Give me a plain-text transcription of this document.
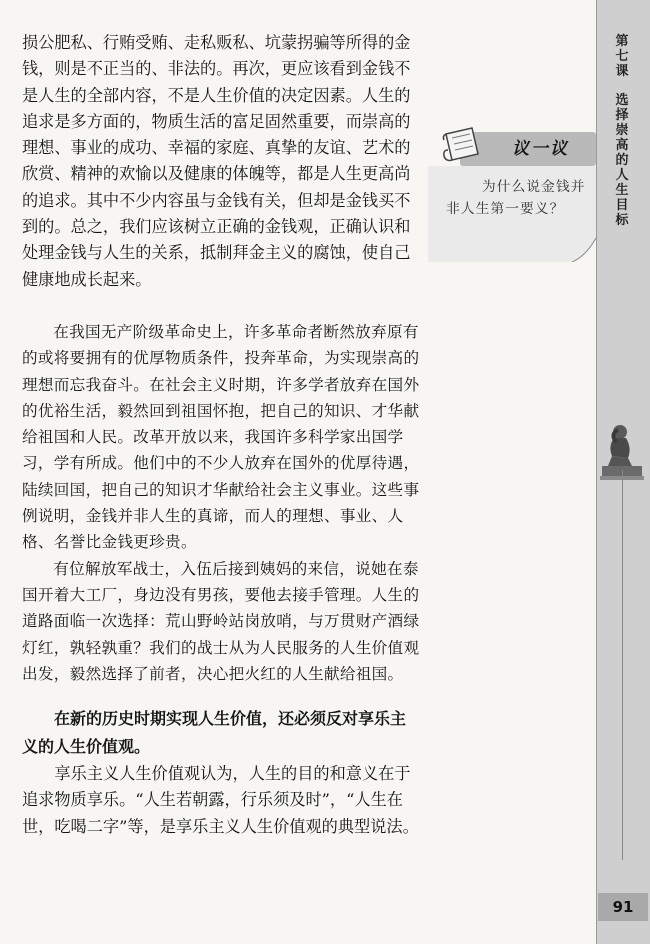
损公肥私、行贿受贿、走私贩私、坑蒙拐骗等所得的金钱，则是不正当的、非法的。再次，更应该看到金钱不是人生的全部内容，不是人生价值的决定因素。人生的追求是多方面的，物质生活的富足固然重要，而崇高的理想、事业的成功、幸福的家庭、真挚的友谊、艺术的欣赏、精神的欢愉以及健康的体魄等，都是人生更高尚的追求。其中不少内容虽与金钱有关，但却是金钱买不到的。总之，我们应该树立正确的金钱观，正确认识和处理金钱与人生的关系，抵制拜金主义的腐蚀，使自己健康地成长起来。

在我国无产阶级革命史上，许多革命者断然放弃原有的或将要拥有的优厚物质条件，投奔革命，为实现崇高的理想而忘我奋斗。在社会主义时期，许多学者放弃在国外的优裕生活，毅然回到祖国怀抱，把自己的知识、才华献给祖国和人民。改革开放以来，我国许多科学家出国学习，学有所成。他们中的不少人放弃在国外的优厚待遇，陆续回国，把自己的知识才华献给社会主义事业。这些事例说明，金钱并非人生的真谛，而人的理想、事业、人格、名誉比金钱更珍贵。

有位解放军战士，入伍后接到姨妈的来信，说她在泰国开着大工厂，身边没有男孩，要他去接手管理。人生的道路面临一次选择：荒山野岭站岗放哨，与万贯财产酒绿灯红，孰轻孰重？我们的战士从为人民服务的人生价值观出发，毅然选择了前者，决心把火红的人生献给祖国。

在新的历史时期实现人生价值，还必须反对享乐主义的人生价值观。

享乐主义人生价值观认为，人生的目的和意义在于追求物质享乐。“人生若朝露，行乐须及时”，“人生在世，吃喝二字”等，是享乐主义人生价值观的典型说法。

议一议
为什么说金钱并非人生第一要义？
第七课
选择崇高的人生目标
91
